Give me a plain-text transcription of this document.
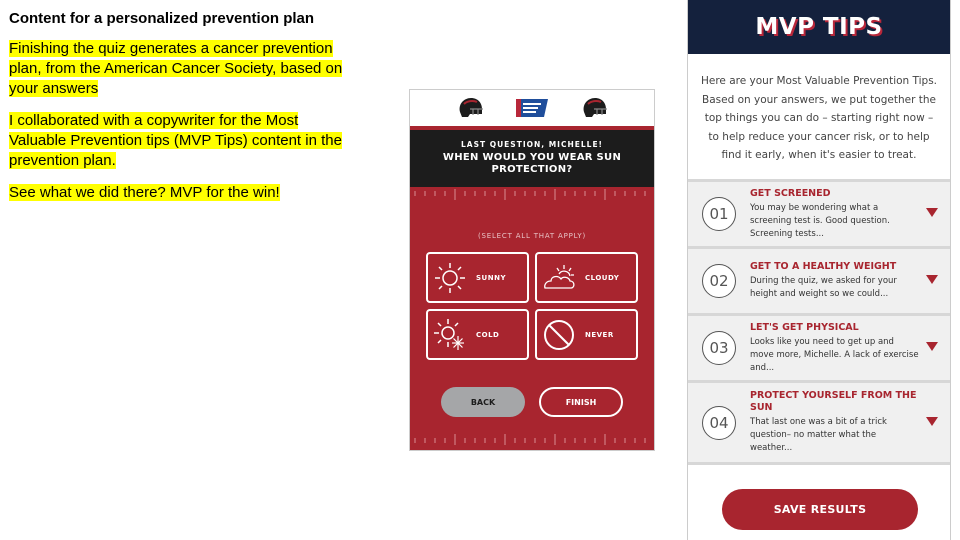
Content for a personalized prevention plan

Finishing the quiz generates a cancer prevention plan, from the American Cancer Society, based on your answers

I collaborated with a copywriter for the Most Valuable Prevention tips (MVP Tips) content in the prevention plan.

See what we did there? MVP for the win!

LAST QUESTION, MICHELLE!
WHEN WOULD YOU WEAR SUN PROTECTION?
(SELECT ALL THAT APPLY)
SUNNY	CLOUDY
COLD	NEVER
BACK	FINISH
MVP TIPS
Here are your Most Valuable Prevention Tips. Based on your answers, we put together the top things you can do – starting right now – to help reduce your cancer risk, or to help find it early, when it's easier to treat.
01
GET SCREENED
You may be wondering what a screening test is. Good question. Screening tests...
02
GET TO A HEALTHY WEIGHT
During the quiz, we asked for your height and weight so we could...
03
LET'S GET PHYSICAL
Looks like you need to get up and move more, Michelle. A lack of exercise and...
04
PROTECT YOURSELF FROM THE SUN
That last one was a bit of a trick question– no matter what the weather...
SAVE RESULTS
